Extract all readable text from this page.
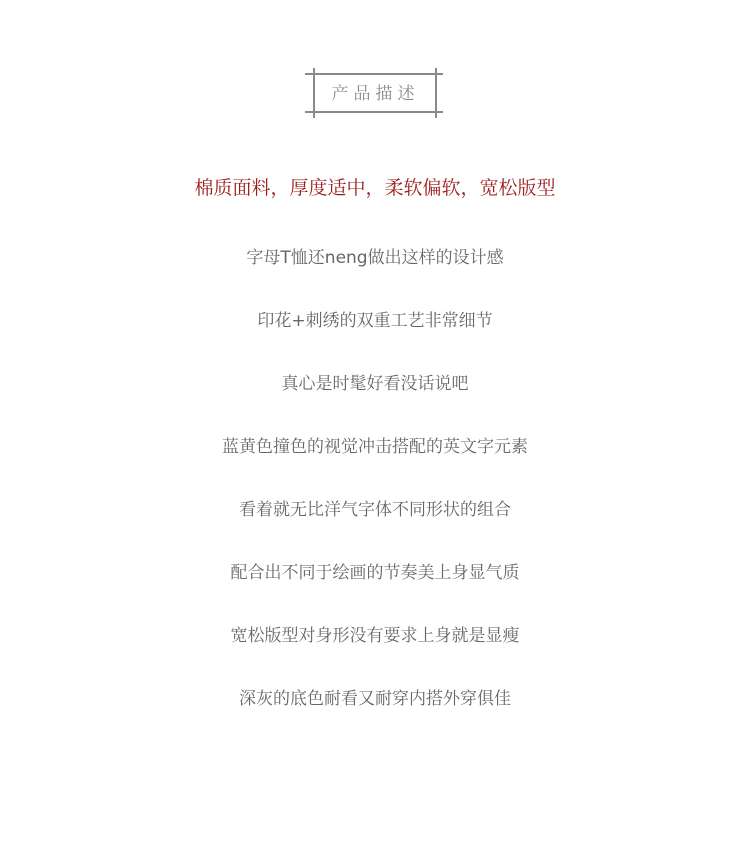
产品描述
棉质面料，厚度适中，柔软偏软，宽松版型
字母T恤还neng做出这样的设计感
印花+刺绣的双重工艺非常细节
真心是时髦好看没话说吧
蓝黄色撞色的视觉冲击搭配的英文字元素
看着就无比洋气字体不同形状的组合
配合出不同于绘画的节奏美上身显气质
宽松版型对身形没有要求上身就是显瘦
深灰的底色耐看又耐穿内搭外穿俱佳
